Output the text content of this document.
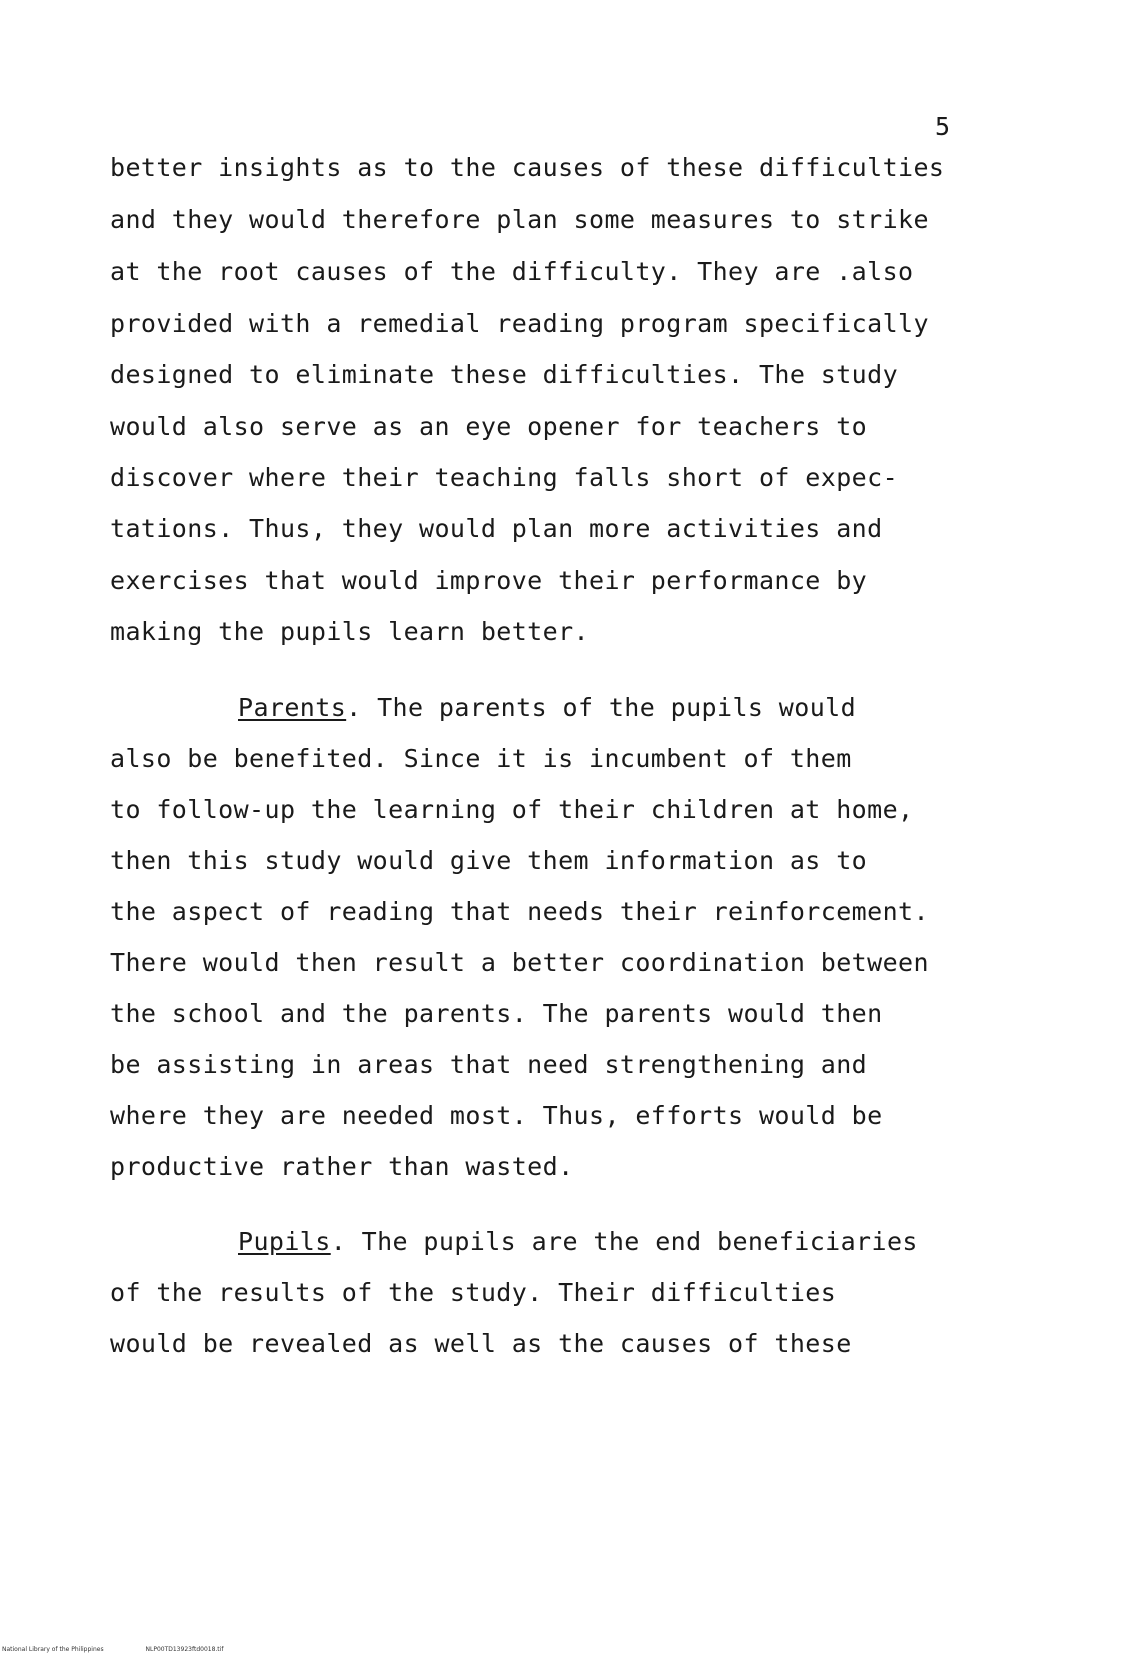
5
better insights as to the causes of these difficulties
and they would therefore plan some measures to strike
at the root causes of the difficulty. They are .also
provided with a remedial reading program specifically
designed to eliminate these difficulties. The study
would also serve as an eye opener for teachers to
discover where their teaching falls short of expec-
tations. Thus, they would plan more activities and
exercises that would improve their performance by
making the pupils learn better.
Parents. The parents of the pupils would
also be benefited. Since it is incumbent of them
to follow-up the learning of their children at home,
then this study would give them information as to
the aspect of reading that needs their reinforcement.
There would then result a better coordination between
the school and the parents. The parents would then
be assisting in areas that need strengthening and
where they are needed most. Thus, efforts would be
productive rather than wasted.
Pupils. The pupils are the end beneficiaries
of the results of the study. Their difficulties
would be revealed as well as the causes of these
National Library of the Philippines	NLP00TD13923ftd0018.tif
